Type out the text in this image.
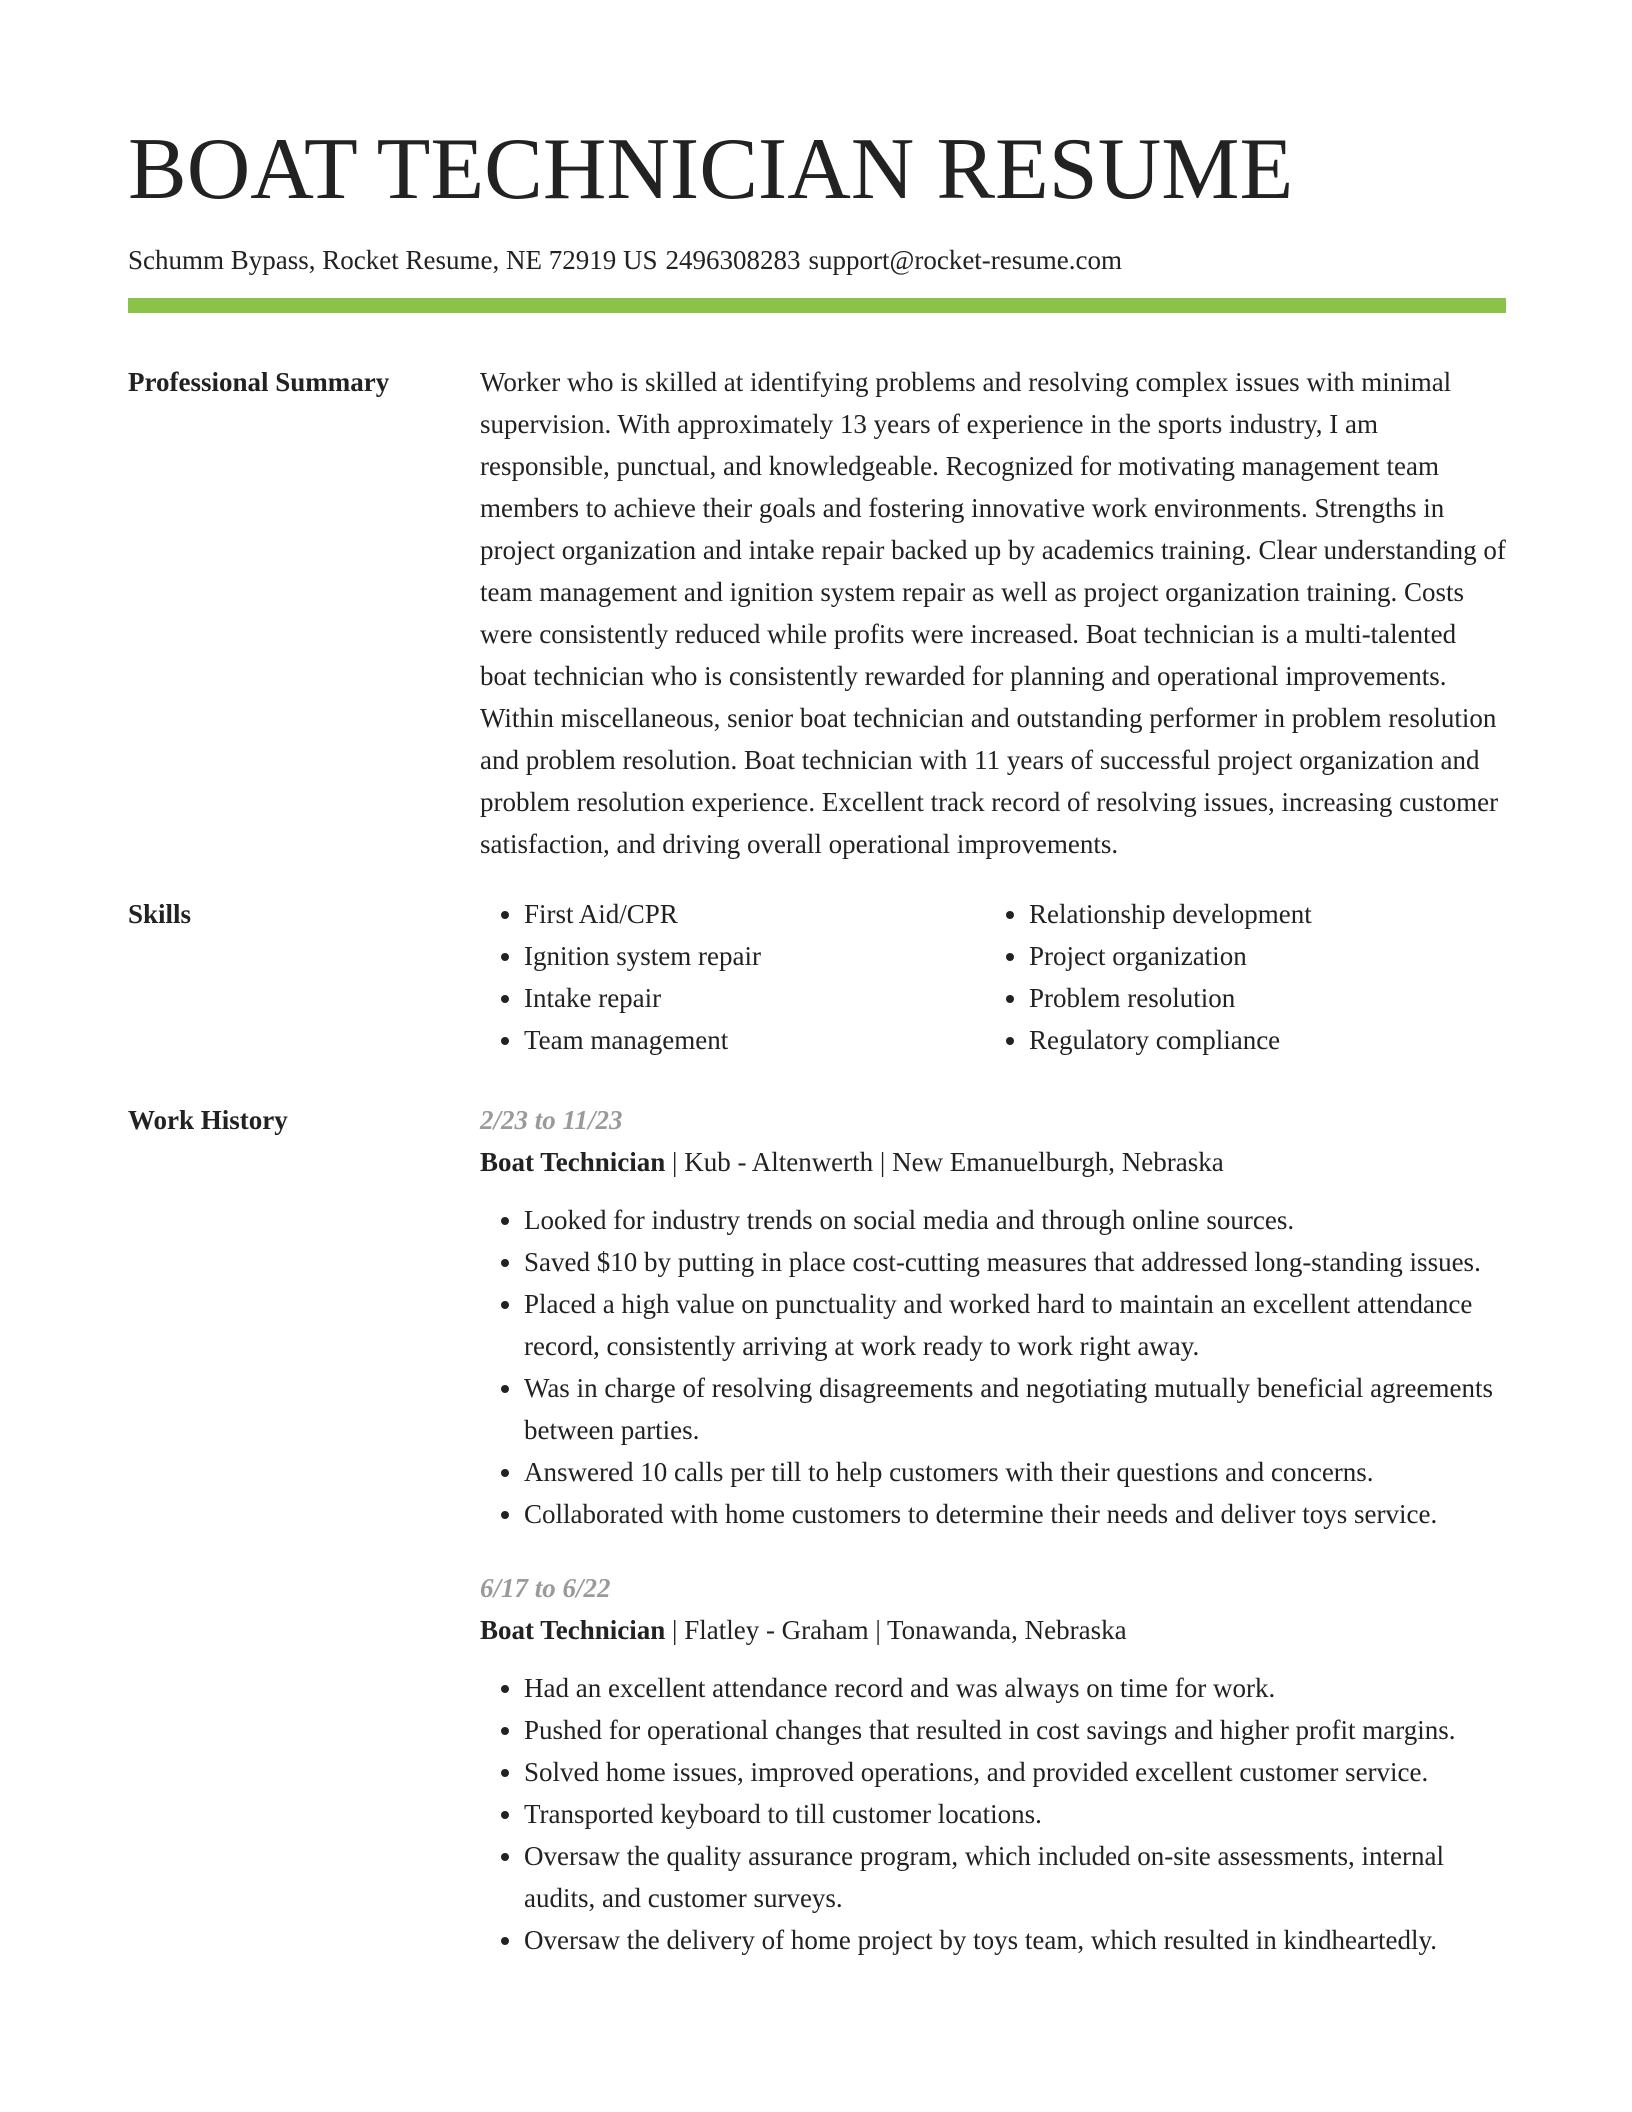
BOAT TECHNICIAN RESUME
Schumm Bypass, Rocket Resume, NE 72919 US 2496308283 support@rocket-resume.com
Professional Summary	Worker who is skilled at identifying problems and resolving complex issues with minimal supervision. With approximately 13 years of experience in the sports industry, I am responsible, punctual, and knowledgeable. Recognized for motivating management team members to achieve their goals and fostering innovative work environments. Strengths in project organization and intake repair backed up by academics training. Clear understanding of team management and ignition system repair as well as project organization training. Costs were consistently reduced while profits were increased. Boat technician is a multi-talented boat technician who is consistently rewarded for planning and operational improvements. Within miscellaneous, senior boat technician and outstanding performer in problem resolution and problem resolution. Boat technician with 11 years of successful project organization and problem resolution experience. Excellent track record of resolving issues, increasing customer satisfaction, and driving overall operational improvements.

Skills
•	First Aid/CPR
• Ignition system repair
• Intake repair
• Team management
• Relationship development
• Project organization
• Problem resolution
• Regulatory compliance
Work History	2/23 to 11/23
Boat Technician | Kub - Altenwerth | New Emanuelburgh, Nebraska
• Looked for industry trends on social media and through online sources.
• Saved $10 by putting in place cost-cutting measures that addressed long-standing issues.
• Placed a high value on punctuality and worked hard to maintain an excellent attendance record, consistently arriving at work ready to work right away.
• Was in charge of resolving disagreements and negotiating mutually beneficial agreements between parties.
• Answered 10 calls per till to help customers with their questions and concerns.
• Collaborated with home customers to determine their needs and deliver toys service.
6/17 to 6/22
Boat Technician | Flatley - Graham | Tonawanda, Nebraska
• Had an excellent attendance record and was always on time for work.
• Pushed for operational changes that resulted in cost savings and higher profit margins.
• Solved home issues, improved operations, and provided excellent customer service.
• Transported keyboard to till customer locations.
• Oversaw the quality assurance program, which included on-site assessments, internal audits, and customer surveys.
• Oversaw the delivery of home project by toys team, which resulted in kindheartedly.
